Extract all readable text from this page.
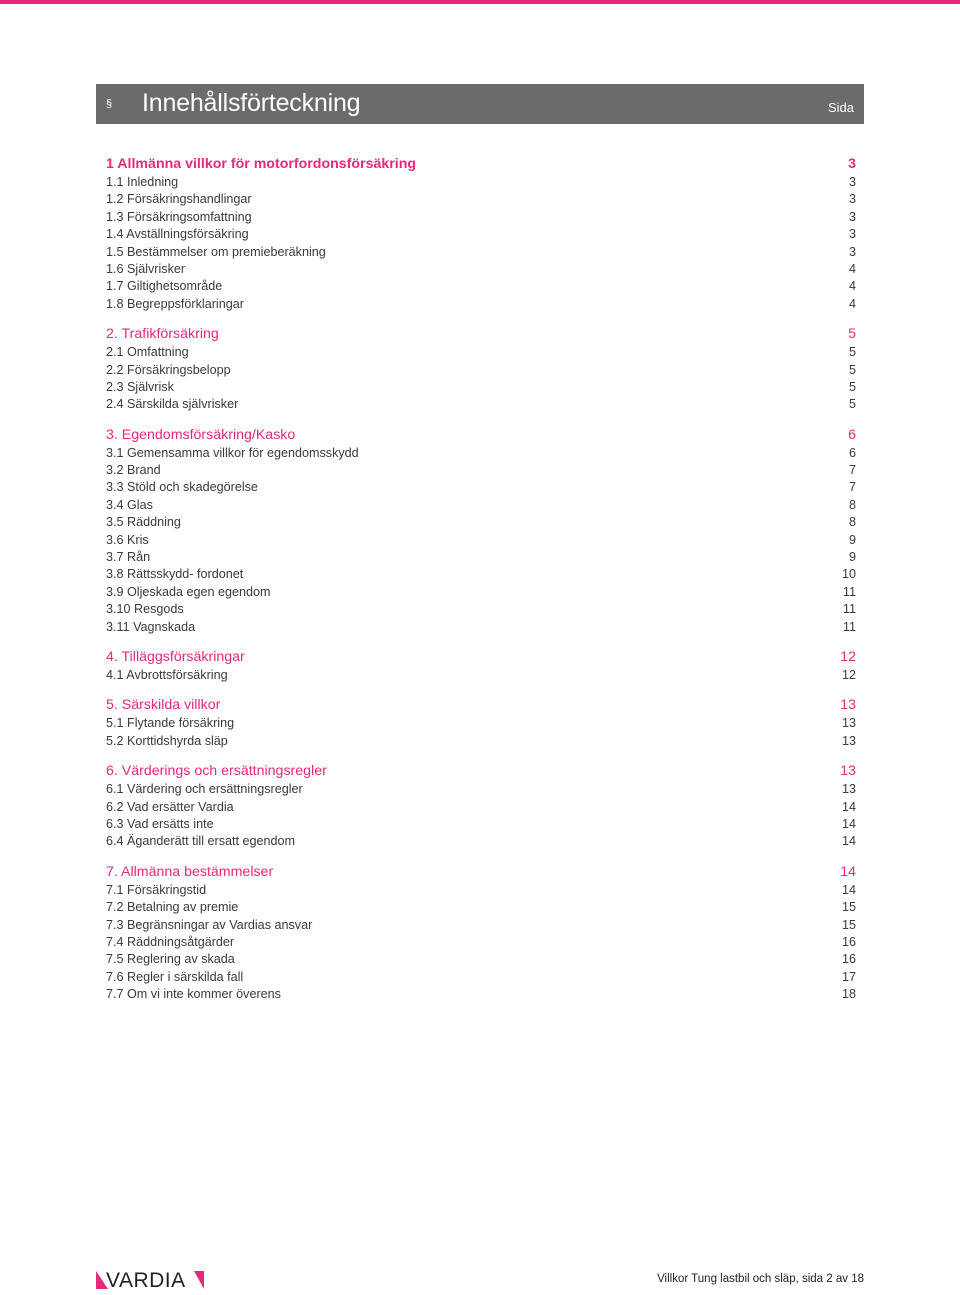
§ Innehållsförteckning	Sida
1 Allmänna villkor för motorfordonsförsäkring	3
1.1 Inledning	3
1.2 Försäkringshandlingar	3
1.3 Försäkringsomfattning	3
1.4 Avställningsförsäkring	3
1.5 Bestämmelser om premieberäkning	3
1.6 Självrisker	4
1.7 Giltighetsområde	4
1.8 Begreppsförklaringar	4
2. Trafikförsäkring	5
2.1 Omfattning	5
2.2 Försäkringsbelopp	5
2.3 Självrisk	5
2.4 Särskilda självrisker	5
3. Egendomsförsäkring/Kasko	6
3.1 Gemensamma villkor för egendomsskydd	6
3.2 Brand	7
3.3 Stöld och skadegörelse	7
3.4 Glas	8
3.5 Räddning	8
3.6 Kris	9
3.7 Rån	9
3.8 Rättsskydd- fordonet	10
3.9 Oljeskada egen egendom	11
3.10 Resgods	11
3.11 Vagnskada	11
4. Tilläggsförsäkringar	12
4.1 Avbrottsförsäkring	12
5. Särskilda villkor	13
5.1 Flytande försäkring	13
5.2 Korttidshyrda släp	13
6. Värderings och ersättningsregler	13
6.1 Värdering och ersättningsregler	13
6.2 Vad ersätter Vardia	14
6.3 Vad ersätts inte	14
6.4 Äganderätt till ersatt egendom	14
7. Allmänna bestämmelser	14
7.1 Försäkringstid	14
7.2 Betalning av premie	15
7.3 Begränsningar av Vardias ansvar	15
7.4 Räddningsåtgärder	16
7.5 Reglering av skada	16
7.6 Regler i särskilda fall	17
7.7 Om vi inte kommer överens	18
VARDIA	Villkor Tung lastbil och släp, sida 2 av 18
